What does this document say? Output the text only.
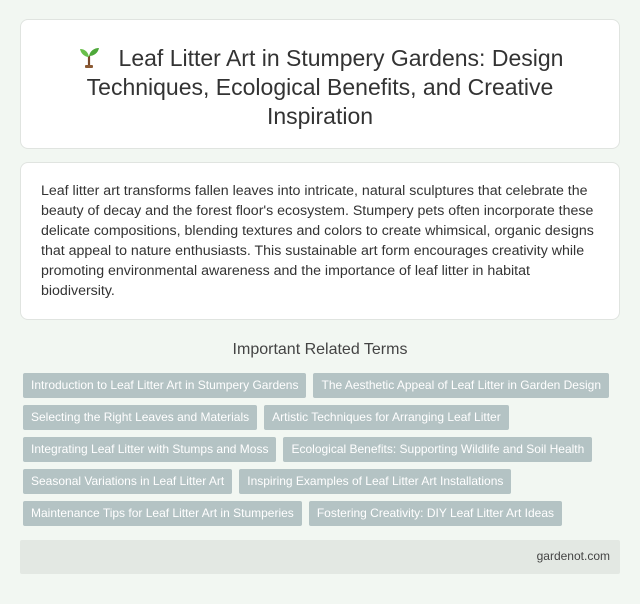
Leaf Litter Art in Stumpery Gardens: Design Techniques, Ecological Benefits, and Creative Inspiration

Leaf litter art transforms fallen leaves into intricate, natural sculptures that celebrate the beauty of decay and the forest floor's ecosystem. Stumpery pets often incorporate these delicate compositions, blending textures and colors to create whimsical, organic designs that appeal to nature enthusiasts. This sustainable art form encourages creativity while promoting environmental awareness and the importance of leaf litter in habitat biodiversity.

Important Related Terms
Introduction to Leaf Litter Art in Stumpery Gardens	The Aesthetic Appeal of Leaf Litter in Garden Design
Selecting the Right Leaves and Materials	Artistic Techniques for Arranging Leaf Litter
Integrating Leaf Litter with Stumps and Moss	Ecological Benefits: Supporting Wildlife and Soil Health
Seasonal Variations in Leaf Litter Art	Inspiring Examples of Leaf Litter Art Installations
Maintenance Tips for Leaf Litter Art in Stumperies	Fostering Creativity: DIY Leaf Litter Art Ideas
gardenot.com
